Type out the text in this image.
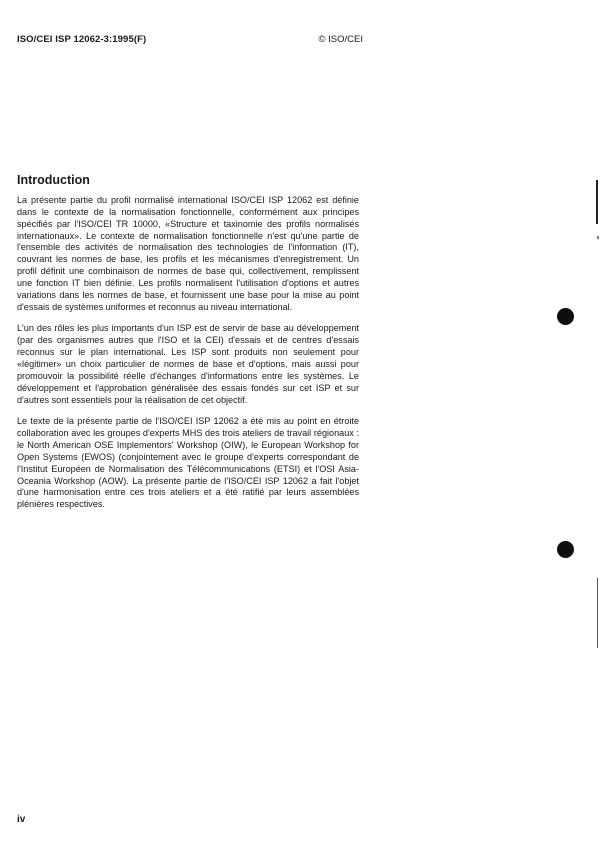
ISO/CEI ISP 12062-3:1995(F)	© ISO/CEI
Introduction

La présente partie du profil normalisé international ISO/CEI ISP 12062 est définie dans le contexte de la normalisation fonctionnelle, conformément aux principes spécifiés par l'ISO/CEI TR 10000, «Structure et taxinomie des profils normalisés internationaux». Le contexte de normalisation fonctionnelle n'est qu'une partie de l'ensemble des activités de normalisation des technologies de l'information (IT), couvrant les normes de base, les profils et les mécanismes d'enregistrement. Un profil définit une combinaison de normes de base qui, collectivement, remplissent une fonction IT bien définie. Les profils normalisent l'utilisation d'options et autres variations dans les normes de base, et fournissent une base pour la mise au point d'essais de systèmes uniformes et reconnus au niveau international.

L'un des rôles les plus importants d'un ISP est de servir de base au développement (par des organismes autres que l'ISO et la CEI) d'essais et de centres d'essais reconnus sur le plan international. Les ISP sont produits non seulement pour «légitimer» un choix particulier de normes de base et d'options, mais aussi pour promouvoir la possibilité réelle d'échanges d'informations entre les systèmes. Le développement et l'approbation généralisée des essais fondés sur cet ISP et sur d'autres sont essentiels pour la réalisation de cet objectif.

Le texte de la présente partie de l'ISO/CEI ISP 12062 a été mis au point en étroite collaboration avec les groupes d'experts MHS des trois ateliers de travail régionaux : le North American OSE Implementors' Workshop (OIW), le European Workshop for Open Systems (EWOS) (conjointement avec le groupe d'experts correspondant de l'Institut Européen de Normalisation des Télécommunications (ETSI) et l'OSI Asia-Oceania Workshop (AOW). La présente partie de l'ISO/CEI ISP 12062 a fait l'objet d'une harmonisation entre ces trois ateliers et a été ratifié par leurs assemblées plénières respectives.

iv
